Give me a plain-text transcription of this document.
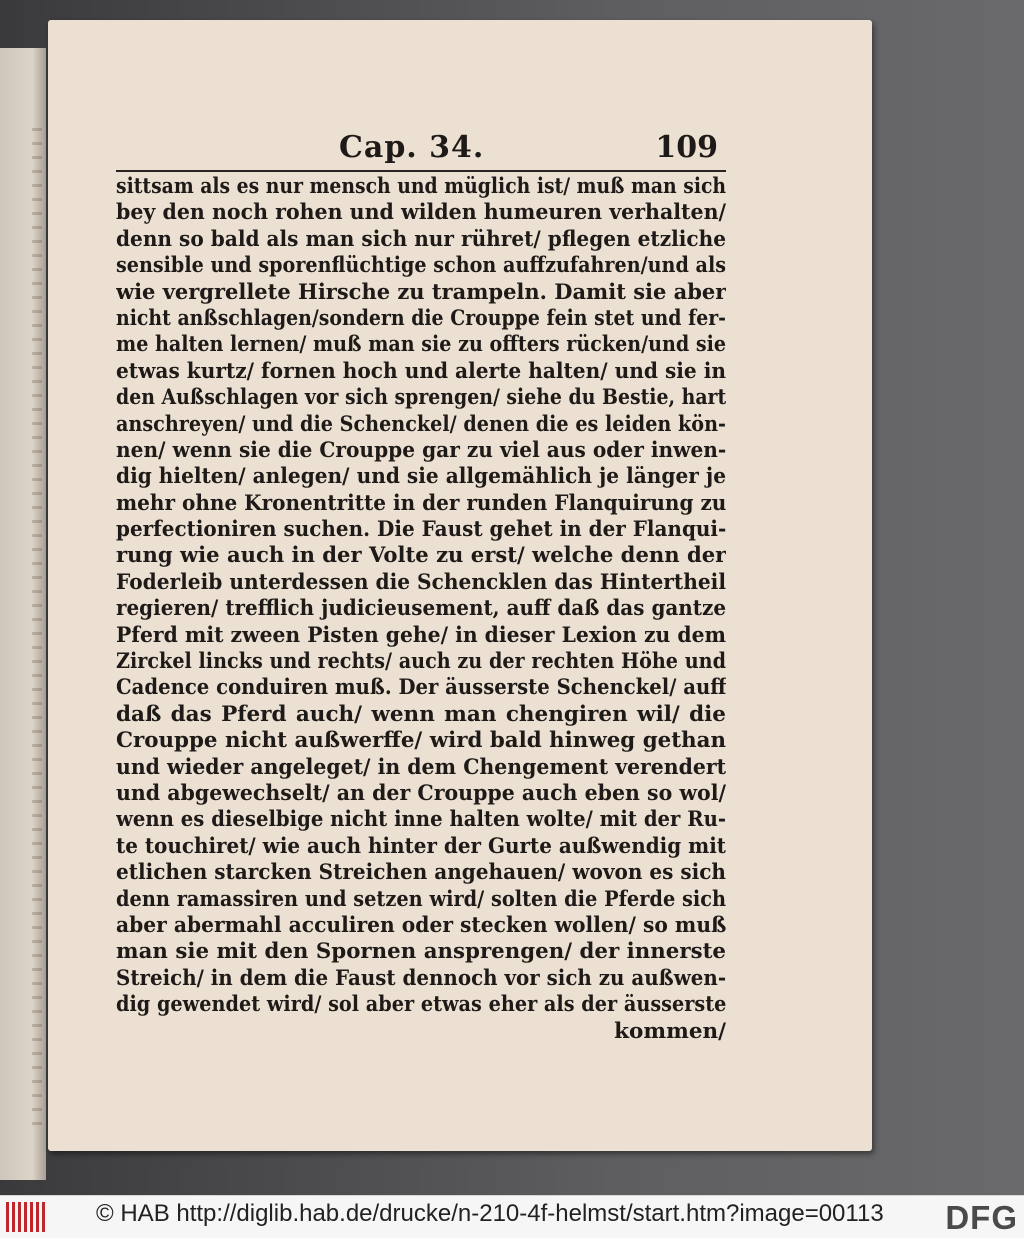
Cap. 34.	109
sittsam als es nur mensch und müglich ist/ muß man sich
bey den noch rohen und wilden humeuren verhalten/
denn so bald als man sich nur rühret/ pflegen etzliche
sensible und sporenflüchtige schon auffzufahren/und als
wie vergrellete Hirsche zu trampeln. Damit sie aber
nicht anßschlagen/sondern die Crouppe fein stet und fer-
me halten lernen/ muß man sie zu offters rücken/und sie
etwas kurtz/ fornen hoch und alerte halten/ und sie in
den Außschlagen vor sich sprengen/ siehe du Bestie, hart
anschreyen/ und die Schenckel/ denen die es leiden kön-
nen/ wenn sie die Crouppe gar zu viel aus oder inwen-
dig hielten/ anlegen/ und sie allgemählich je länger je
mehr ohne Kronentritte in der runden Flanquirung zu
perfectioniren suchen. Die Faust gehet in der Flanqui-
rung wie auch in der Volte zu erst/ welche denn der
Foderleib unterdessen die Schencklen das Hintertheil
regieren/ trefflich judicieusement, auff daß das gantze
Pferd mit zween Pisten gehe/ in dieser Lexion zu dem
Zirckel lincks und rechts/ auch zu der rechten Höhe und
Cadence conduiren muß. Der äusserste Schenckel/ auff
daß das Pferd auch/ wenn man chengiren wil/ die
Crouppe nicht außwerffe/ wird bald hinweg gethan
und wieder angeleget/ in dem Chengement verendert
und abgewechselt/ an der Crouppe auch eben so wol/
wenn es dieselbige nicht inne halten wolte/ mit der Ru-
te touchiret/ wie auch hinter der Gurte außwendig mit
etlichen starcken Streichen angehauen/ wovon es sich
denn ramassiren und setzen wird/ solten die Pferde sich
aber abermahl acculiren oder stecken wollen/ so muß
man sie mit den Spornen ansprengen/ der innerste
Streich/ in dem die Faust dennoch vor sich zu außwen-
dig gewendet wird/ sol aber etwas eher als der äusserste
kommen/
© HAB http://diglib.hab.de/drucke/n-210-4f-helmst/start.htm?image=00113 DFG
